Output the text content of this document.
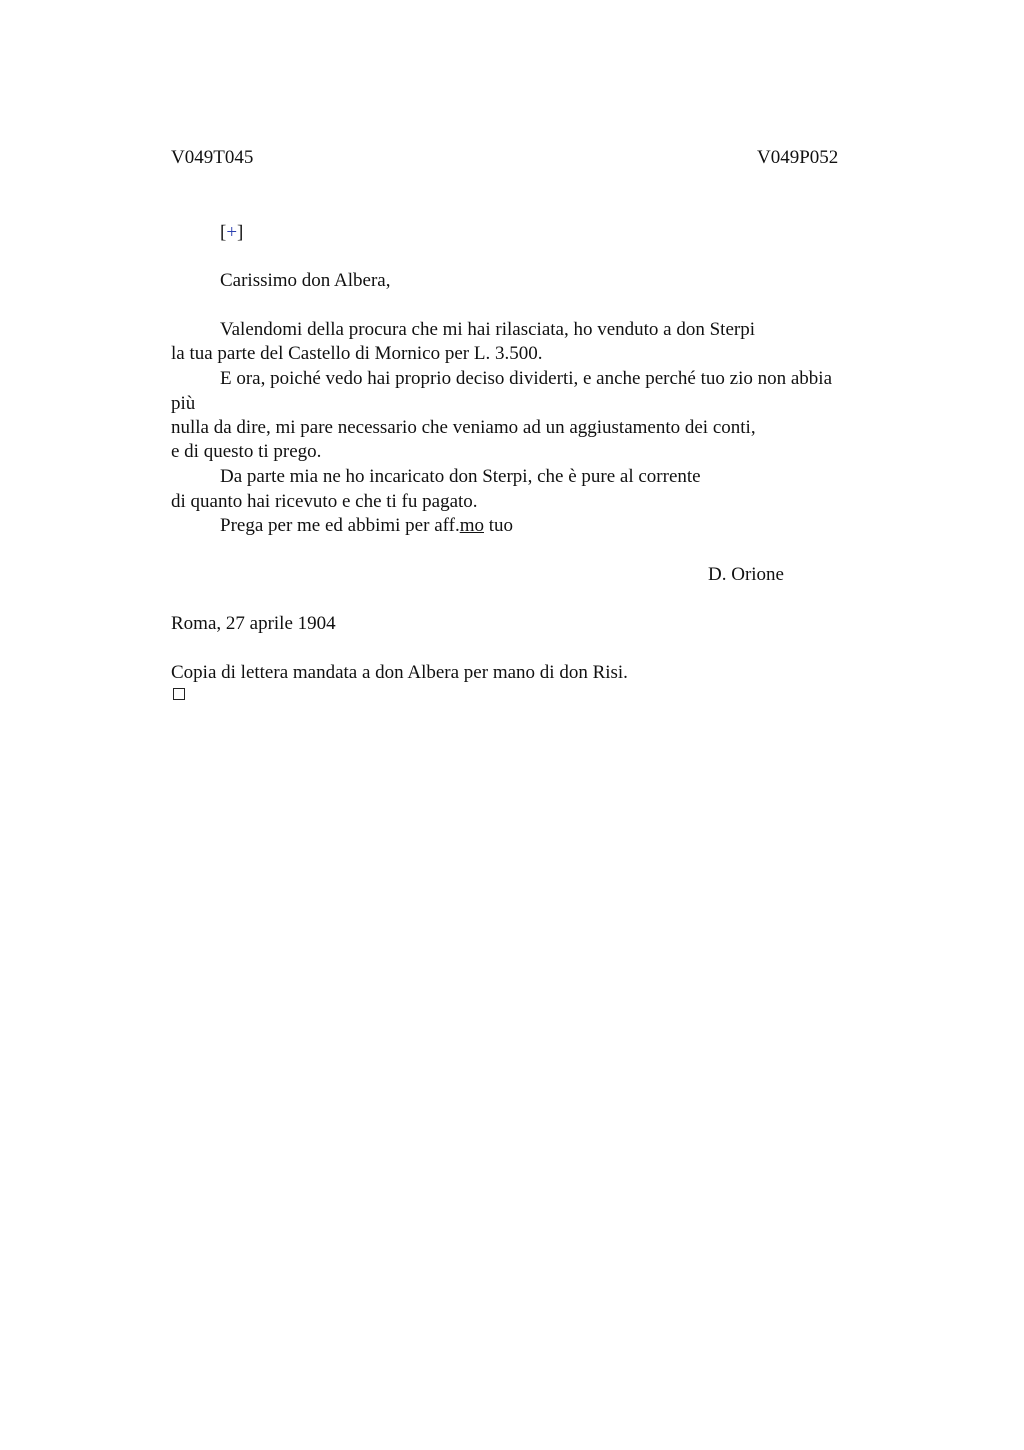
V049T045	V049P052
[+]
Carissimo don Albera,
Valendomi della procura che mi hai rilasciata, ho venduto a don Sterpi
la tua parte del Castello di Mornico per L. 3.500.
E ora, poiché vedo hai proprio deciso dividerti, e anche perché tuo zio non abbia
più
nulla da dire, mi pare necessario che veniamo ad un aggiustamento dei conti,
e di questo ti prego.
Da parte mia ne ho incaricato don Sterpi, che è pure al corrente
di quanto hai ricevuto e che ti fu pagato.
Prega per me ed abbimi per aff.mo tuo
D. Orione
Roma, 27 aprile 1904
Copia di lettera mandata a don Albera per mano di don Risi.
